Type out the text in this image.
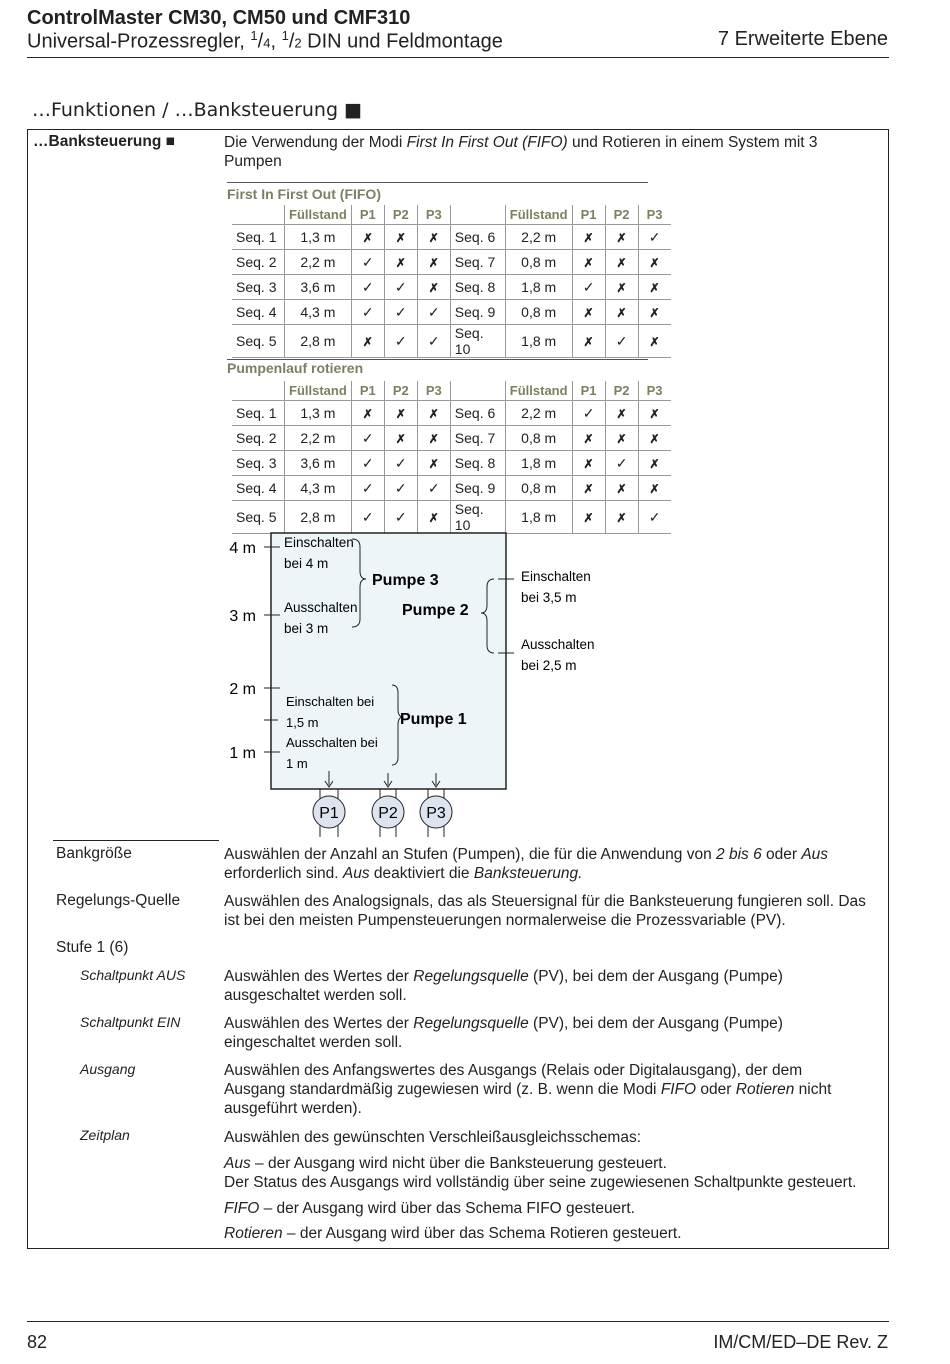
ControlMaster CM30, CM50 und CMF310
Universal-Prozessregler, $^1$/4, $^1$/2 DIN und Feldmontage	7 Erweiterte Ebene
…Funktionen / …Banksteuerung ■
…Banksteuerung ■	Die Verwendung der Modi First In First Out (FIFO) und Rotieren in einem System mit 3
Pumpen
First In First Out (FIFO)
	Füllstand	P1	P2	P3		Füllstand	P1	P2	P3
Seq. 1	1,3 m	✗	✗	✗	Seq. 6	2,2 m	✗	✗	✓
Seq. 2	2,2 m	✓	✗	✗	Seq. 7	0,8 m	✗	✗	✗
Seq. 3	3,6 m	✓	✓	✗	Seq. 8	1,8 m	✓	✗	✗
Seq. 4	4,3 m	✓	✓	✓	Seq. 9	0,8 m	✗	✗	✗
Seq. 5	2,8 m	✗	✓	✓	Seq. 10	1,8 m	✗	✓	✗
Pumpenlauf rotieren
	Füllstand	P1	P2	P3		Füllstand	P1	P2	P3
Seq. 1	1,3 m	✗	✗	✗	Seq. 6	2,2 m	✓	✗	✗
Seq. 2	2,2 m	✓	✗	✗	Seq. 7	0,8 m	✗	✗	✗
Seq. 3	3,6 m	✓	✓	✗	Seq. 8	1,8 m	✗	✓	✗
Seq. 4	4,3 m	✓	✓	✓	Seq. 9	0,8 m	✗	✗	✗
Seq. 5	2,8 m	✓	✓	✗	Seq. 10	1,8 m	✗	✗	✓
4 m
3 m
2 m
1 m
Einschalten
bei 4 m
Ausschalten
bei 3 m
Pumpe 3
Pumpe 2
Einschalten
bei 3,5 m
Ausschalten
bei 2,5 m
Einschalten bei
1,5 m
Ausschalten bei
1 m
Pumpe 1
P1 P2 P3
Bankgröße	Auswählen der Anzahl an Stufen (Pumpen), die für die Anwendung von 2 bis 6 oder Aus
erforderlich sind. Aus deaktiviert die Banksteuerung.
Regelungs-Quelle	Auswählen des Analogsignals, das als Steuersignal für die Banksteuerung fungieren soll. Das
ist bei den meisten Pumpensteuerungen normalerweise die Prozessvariable (PV).
Stufe 1 (6)
Schaltpunkt AUS Auswählen des Wertes der Regelungsquelle (PV), bei dem der Ausgang (Pumpe)
ausgeschaltet werden soll.
Schaltpunkt EIN	Auswählen des Wertes der Regelungsquelle (PV), bei dem der Ausgang (Pumpe)
eingeschaltet werden soll.
Ausgang	Auswählen des Anfangswertes des Ausgangs (Relais oder Digitalausgang), der dem
Ausgang standardmäßig zugewiesen wird (z. B. wenn die Modi FIFO oder Rotieren nicht
ausgeführt werden).
Zeitplan	Auswählen des gewünschten Verschleißausgleichsschemas:
Aus – der Ausgang wird nicht über die Banksteuerung gesteuert.
Der Status des Ausgangs wird vollständig über seine zugewiesenen Schaltpunkte gesteuert.
FIFO – der Ausgang wird über das Schema FIFO gesteuert.
Rotieren – der Ausgang wird über das Schema Rotieren gesteuert.
82	IM/CM/ED–DE Rev. Z
